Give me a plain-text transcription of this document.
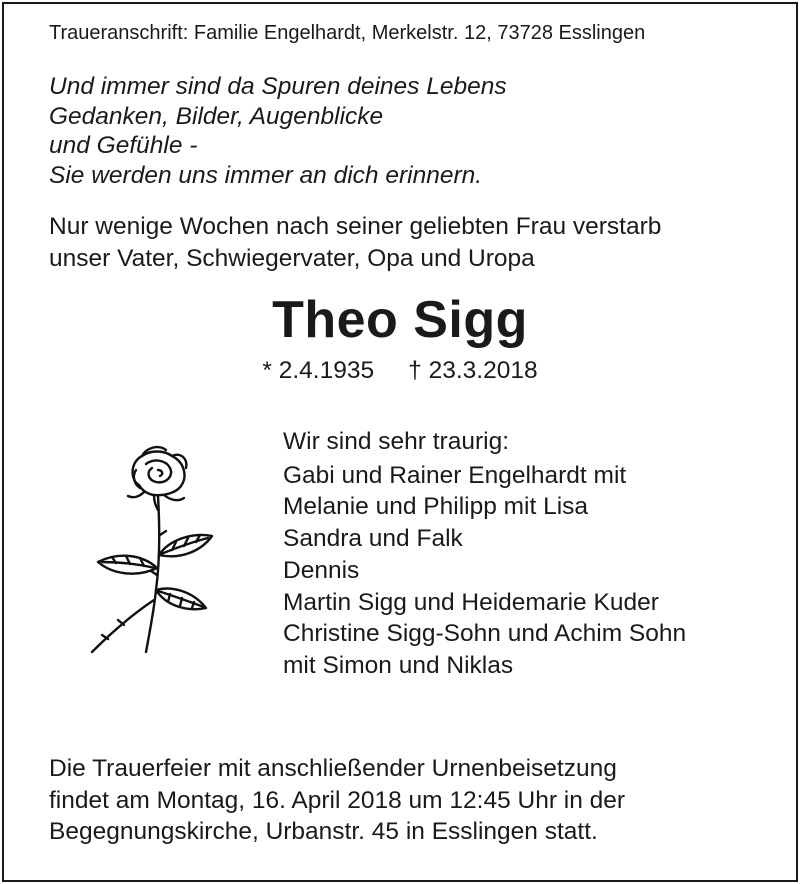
Traueranschrift: Familie Engelhardt, Merkelstr. 12, 73728 Esslingen
Und immer sind da Spuren deines Lebens
Gedanken, Bilder, Augenblicke
und Gefühle -
Sie werden uns immer an dich erinnern.
Nur wenige Wochen nach seiner geliebten Frau verstarb
unser Vater, Schwiegervater, Opa und Uropa
Theo Sigg
* 2.4.1935     † 23.3.2018
Wir sind sehr traurig:
Gabi und Rainer Engelhardt mit
Melanie und Philipp mit Lisa
Sandra und Falk
Dennis
Martin Sigg und Heidemarie Kuder
Christine Sigg-Sohn und Achim Sohn
mit Simon und Niklas
Die Trauerfeier mit anschließender Urnenbeisetzung
findet am Montag, 16. April 2018 um 12:45 Uhr in der
Begegnungskirche, Urbanstr. 45 in Esslingen statt.
